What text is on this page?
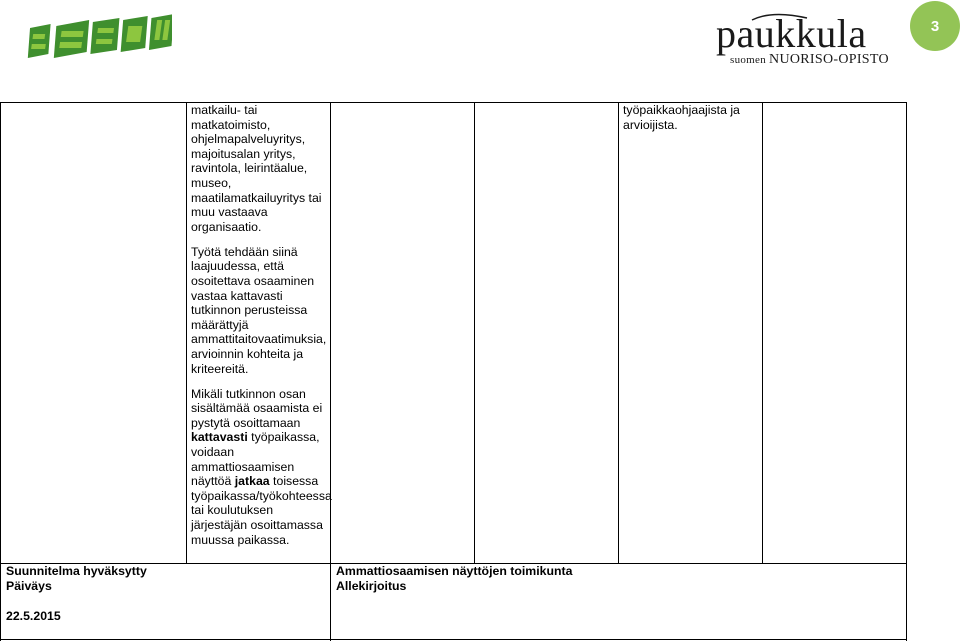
paukkula
suomen NUORISO-OPISTO
3

matkailu- tai matkatoimisto, ohjelmapalveluyritys, majoitusalan yritys, ravintola, leirintäalue, museo, maatilamatkailuyritys tai muu vastaava organisaatio.

Työtä tehdään siinä laajuudessa, että osoitettava osaaminen vastaa kattavasti tutkinnon perusteissa määrättyjä ammattitaitovaatimuksia, arvioinnin kohteita ja kriteereitä.

Mikäli tutkinnon osan sisältämää osaamista ei pystytä osoittamaan kattavasti työpaikassa, voidaan ammattiosaamisen näyttöä jatkaa toisessa työpaikassa/työkohteessa tai koulutuksen järjestäjän osoittamassa muussa paikassa.

työpaikkaohjaajista ja arvioijista.
Suunnitelma hyväksytty
Päiväys
22.5.2015
Ammattiosaamisen näyttöjen toimikunta
Allekirjoitus
